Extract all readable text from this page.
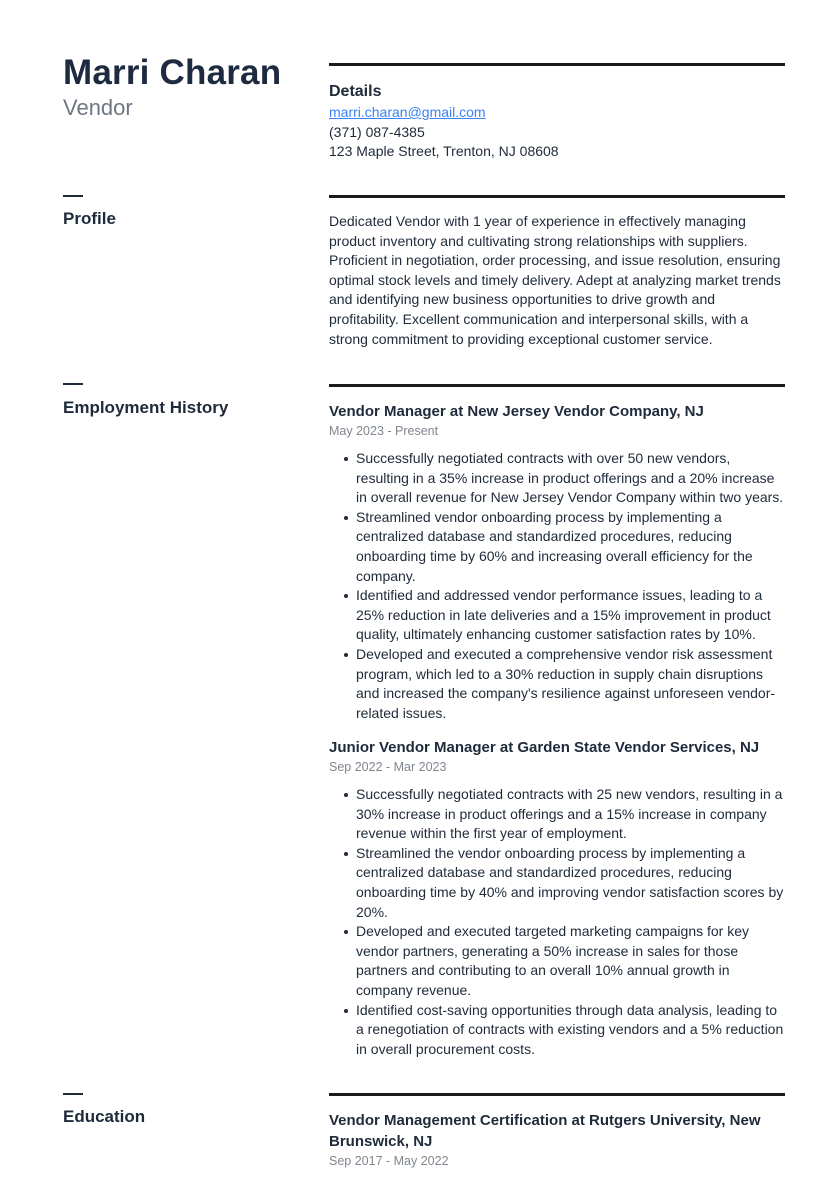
Marri Charan
Vendor
Details
marri.charan@gmail.com
(371) 087-4385
123 Maple Street, Trenton, NJ 08608
Profile	Dedicated Vendor with 1 year of experience in effectively managing product inventory and cultivating strong relationships with suppliers. Proficient in negotiation, order processing, and issue resolution, ensuring optimal stock levels and timely delivery. Adept at analyzing market trends and identifying new business opportunities to drive growth and profitability. Excellent communication and interpersonal skills, with a strong commitment to providing exceptional customer service.

Employment History	Vendor Manager at New Jersey Vendor Company, NJ
May 2023 - Present
Successfully negotiated contracts with over 50 new vendors, resulting in a 35% increase in product offerings and a 20% increase in overall revenue for New Jersey Vendor Company within two years.
Streamlined vendor onboarding process by implementing a centralized database and standardized procedures, reducing onboarding time by 60% and increasing overall efficiency for the company.
Identified and addressed vendor performance issues, leading to a 25% reduction in late deliveries and a 15% improvement in product quality, ultimately enhancing customer satisfaction rates by 10%.
Developed and executed a comprehensive vendor risk assessment program, which led to a 30% reduction in supply chain disruptions and increased the company's resilience against unforeseen vendor-related issues.
Junior Vendor Manager at Garden State Vendor Services, NJ
Sep 2022 - Mar 2023
Successfully negotiated contracts with 25 new vendors, resulting in a 30% increase in product offerings and a 15% increase in company revenue within the first year of employment.
Streamlined the vendor onboarding process by implementing a centralized database and standardized procedures, reducing onboarding time by 40% and improving vendor satisfaction scores by 20%.
Developed and executed targeted marketing campaigns for key vendor partners, generating a 50% increase in sales for those partners and contributing to an overall 10% annual growth in company revenue.
Identified cost-saving opportunities through data analysis, leading to a renegotiation of contracts with existing vendors and a 5% reduction in overall procurement costs.
Education	Vendor Management Certification at Rutgers University, New Brunswick, NJ
Sep 2017 - May 2022
